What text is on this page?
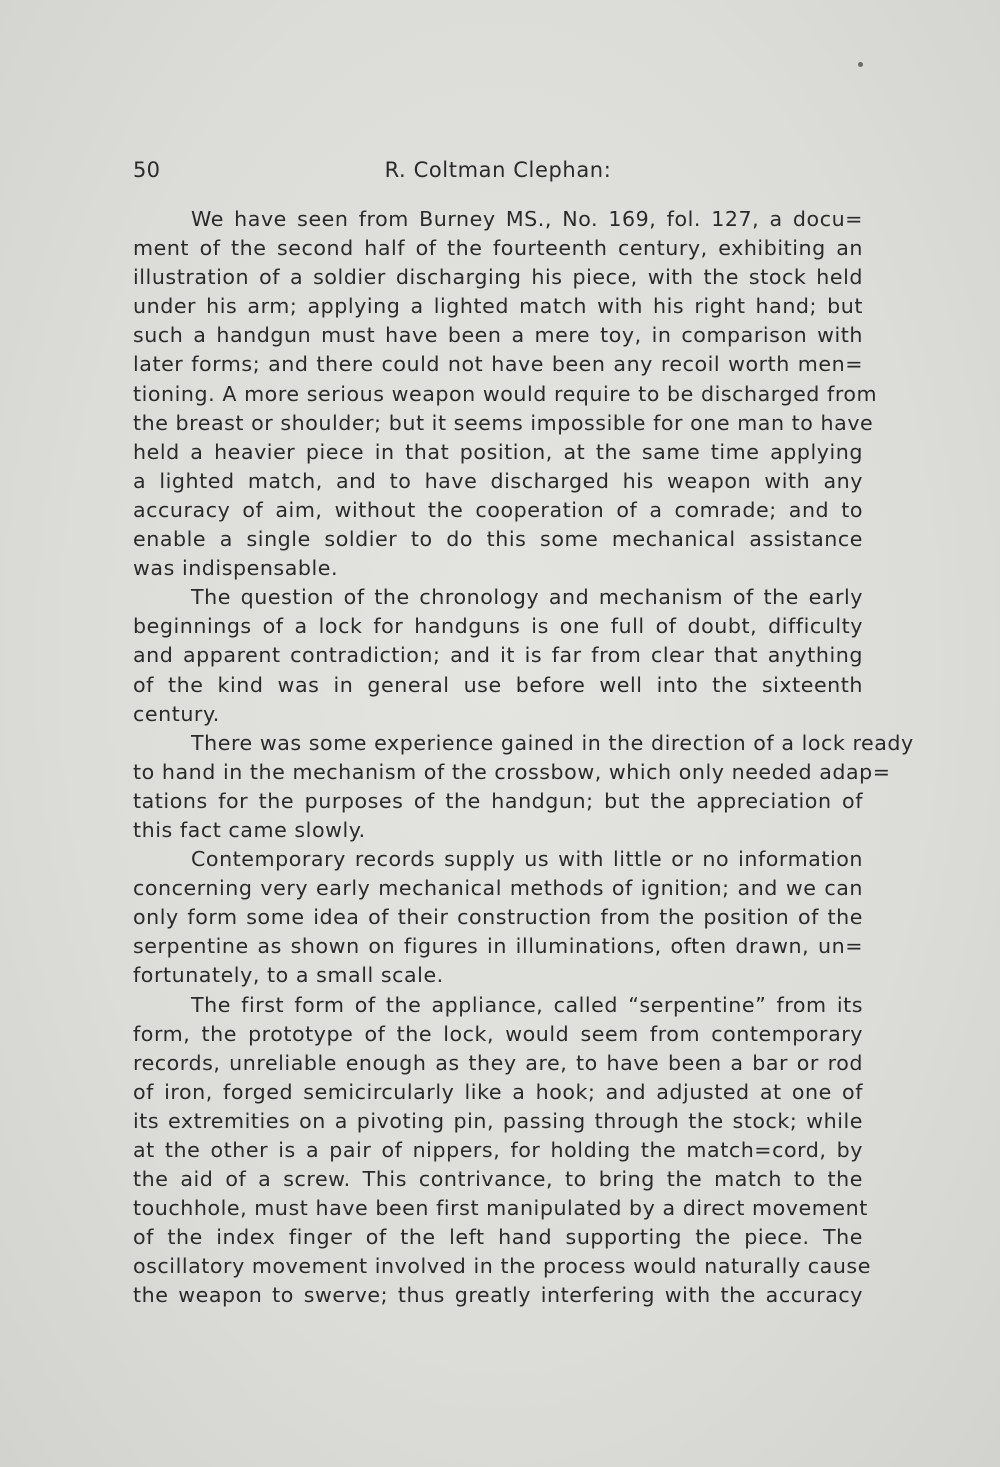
50	R. Coltman Clephan:
We have seen from Burney MS., No. 169, fol. 127, a docu=
ment of the second half of the fourteenth century, exhibiting an
illustration of a soldier discharging his piece, with the stock held
under his arm; applying a lighted match with his right hand; but
such a handgun must have been a mere toy, in comparison with
later forms; and there could not have been any recoil worth men=
tioning. A more serious weapon would require to be discharged from
the breast or shoulder; but it seems impossible for one man to have
held a heavier piece in that position, at the same time applying
a lighted match, and to have discharged his weapon with any
accuracy of aim, without the cooperation of a comrade; and to
enable a single soldier to do this some mechanical assistance
was indispensable.
The question of the chronology and mechanism of the early
beginnings of a lock for handguns is one full of doubt, difficulty
and apparent contradiction; and it is far from clear that anything
of the kind was in general use before well into the sixteenth
century.
There was some experience gained in the direction of a lock ready
to hand in the mechanism of the crossbow, which only needed adap=
tations for the purposes of the handgun; but the appreciation of
this fact came slowly.
Contemporary records supply us with little or no information
concerning very early mechanical methods of ignition; and we can
only form some idea of their construction from the position of the
serpentine as shown on figures in illuminations, often drawn, un=
fortunately, to a small scale.
The first form of the appliance, called “serpentine” from its
form, the prototype of the lock, would seem from contemporary
records, unreliable enough as they are, to have been a bar or rod
of iron, forged semicircularly like a hook; and adjusted at one of
its extremities on a pivoting pin, passing through the stock; while
at the other is a pair of nippers, for holding the match=cord, by
the aid of a screw. This contrivance, to bring the match to the
touchhole, must have been first manipulated by a direct movement
of the index finger of the left hand supporting the piece. The
oscillatory movement involved in the process would naturally cause
the weapon to swerve; thus greatly interfering with the accuracy
